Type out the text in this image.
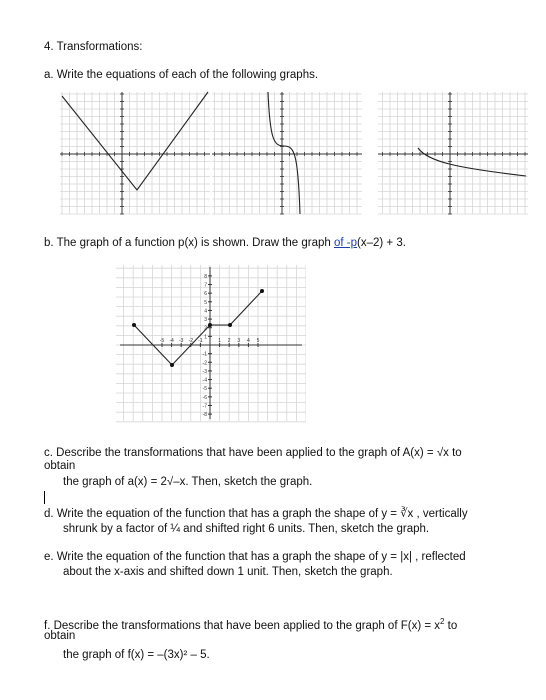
4. Transformations:
a. Write the equations of each of the following graphs.
b. The graph of a function p(x) is shown. Draw the graph of -p(x–2) + 3.
-5 -4 -3 -2 -1	1 2 3 4 5
8
7
6
5
4
3
2
1
-1
-2
-3
-4
-5
-6
-7
-8
c. Describe the transformations that have been applied to the graph of A(x) = √x to
obtain
the graph of a(x) = 2√–x. Then, sketch the graph.
d. Write the equation of the function that has a graph the shape of y = ∛x , vertically
shrunk by a factor of ¼ and shifted right 6 units. Then, sketch the graph.
e. Write the equation of the function that has a graph the shape of y = |x| , reflected
about the x-axis and shifted down 1 unit. Then, sketch the graph.
f. Describe the transformations that have been applied to the graph of $F(x) = x^2$ to
obtain
the graph of f(x) = –(3x)² – 5.
